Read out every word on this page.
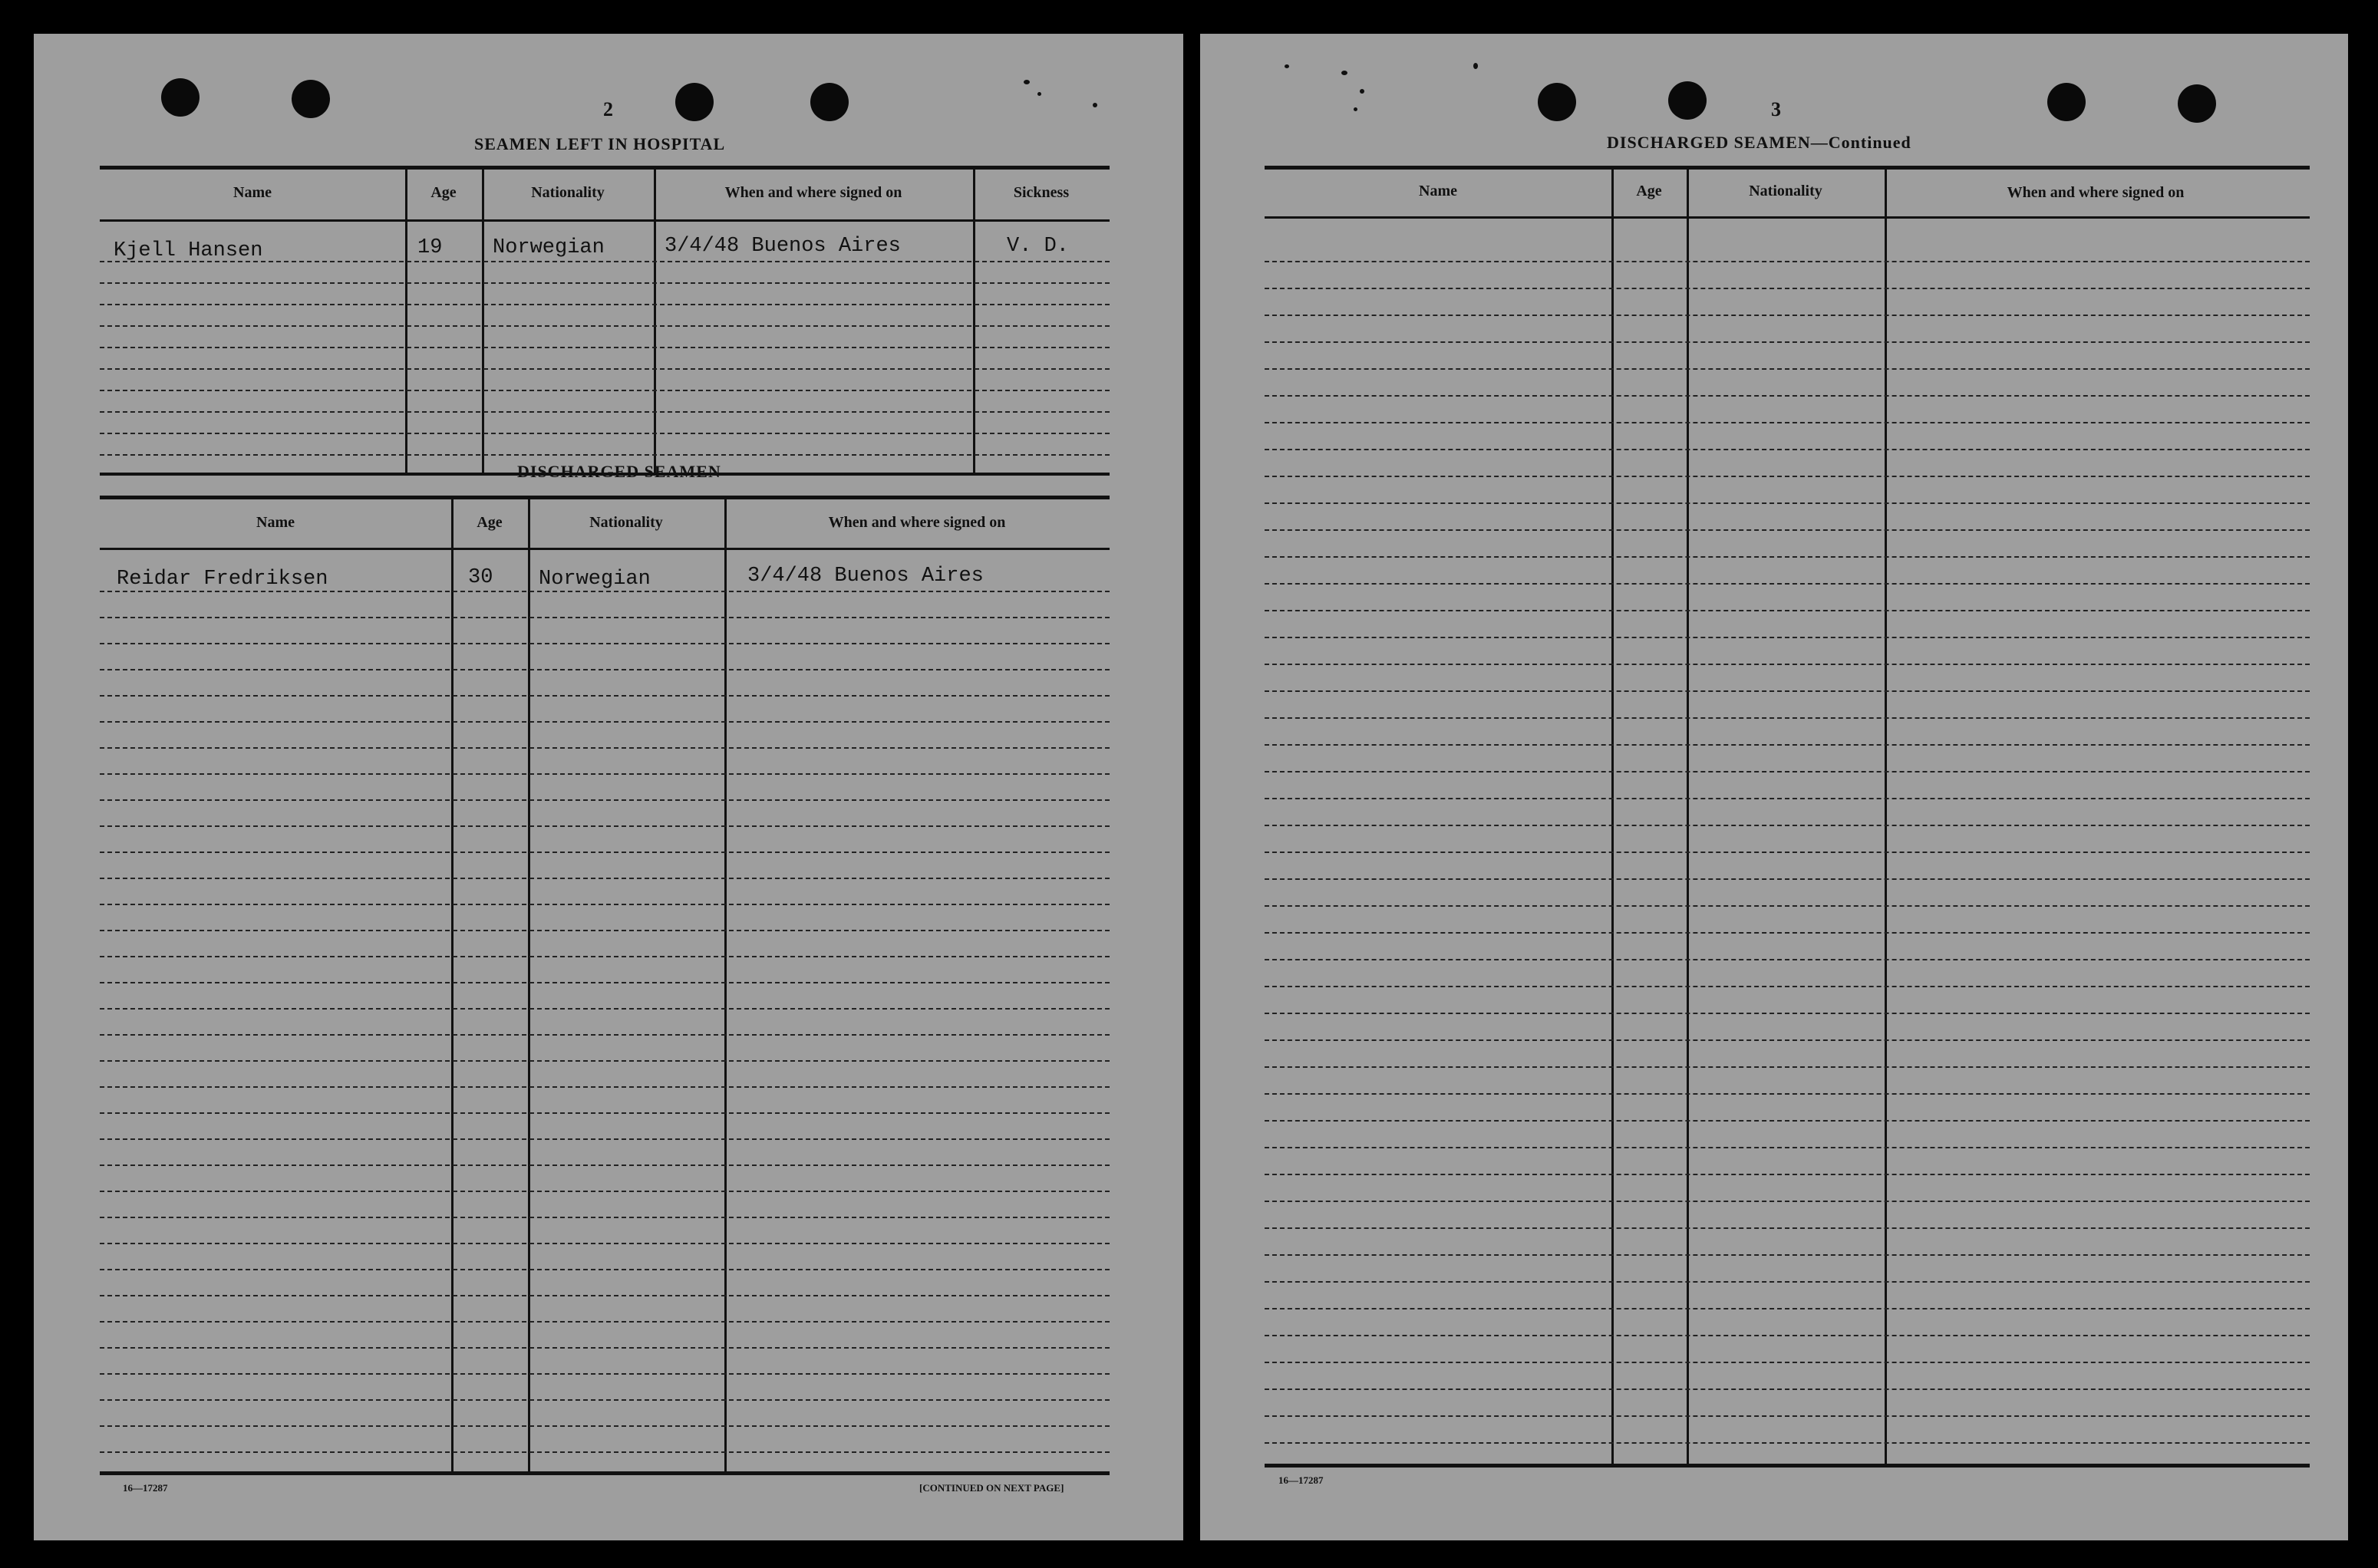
2
SEAMEN LEFT IN HOSPITAL
Name	Age	Nationality	When and where signed on	Sickness
Kjell Hansen	19 Norwegian	3/4/48 Buenos Aires	V. D.
DISCHARGED SEAMEN
Name	Age	Nationality	When and where signed on
Reidar Fredriksen	30 Norwegian	3/4/48 Buenos Aires
16—17287	[CONTINUED ON NEXT PAGE]
3
DISCHARGED SEAMEN—Continued
Name	Age	Nationality	When and where signed on
16—17287
